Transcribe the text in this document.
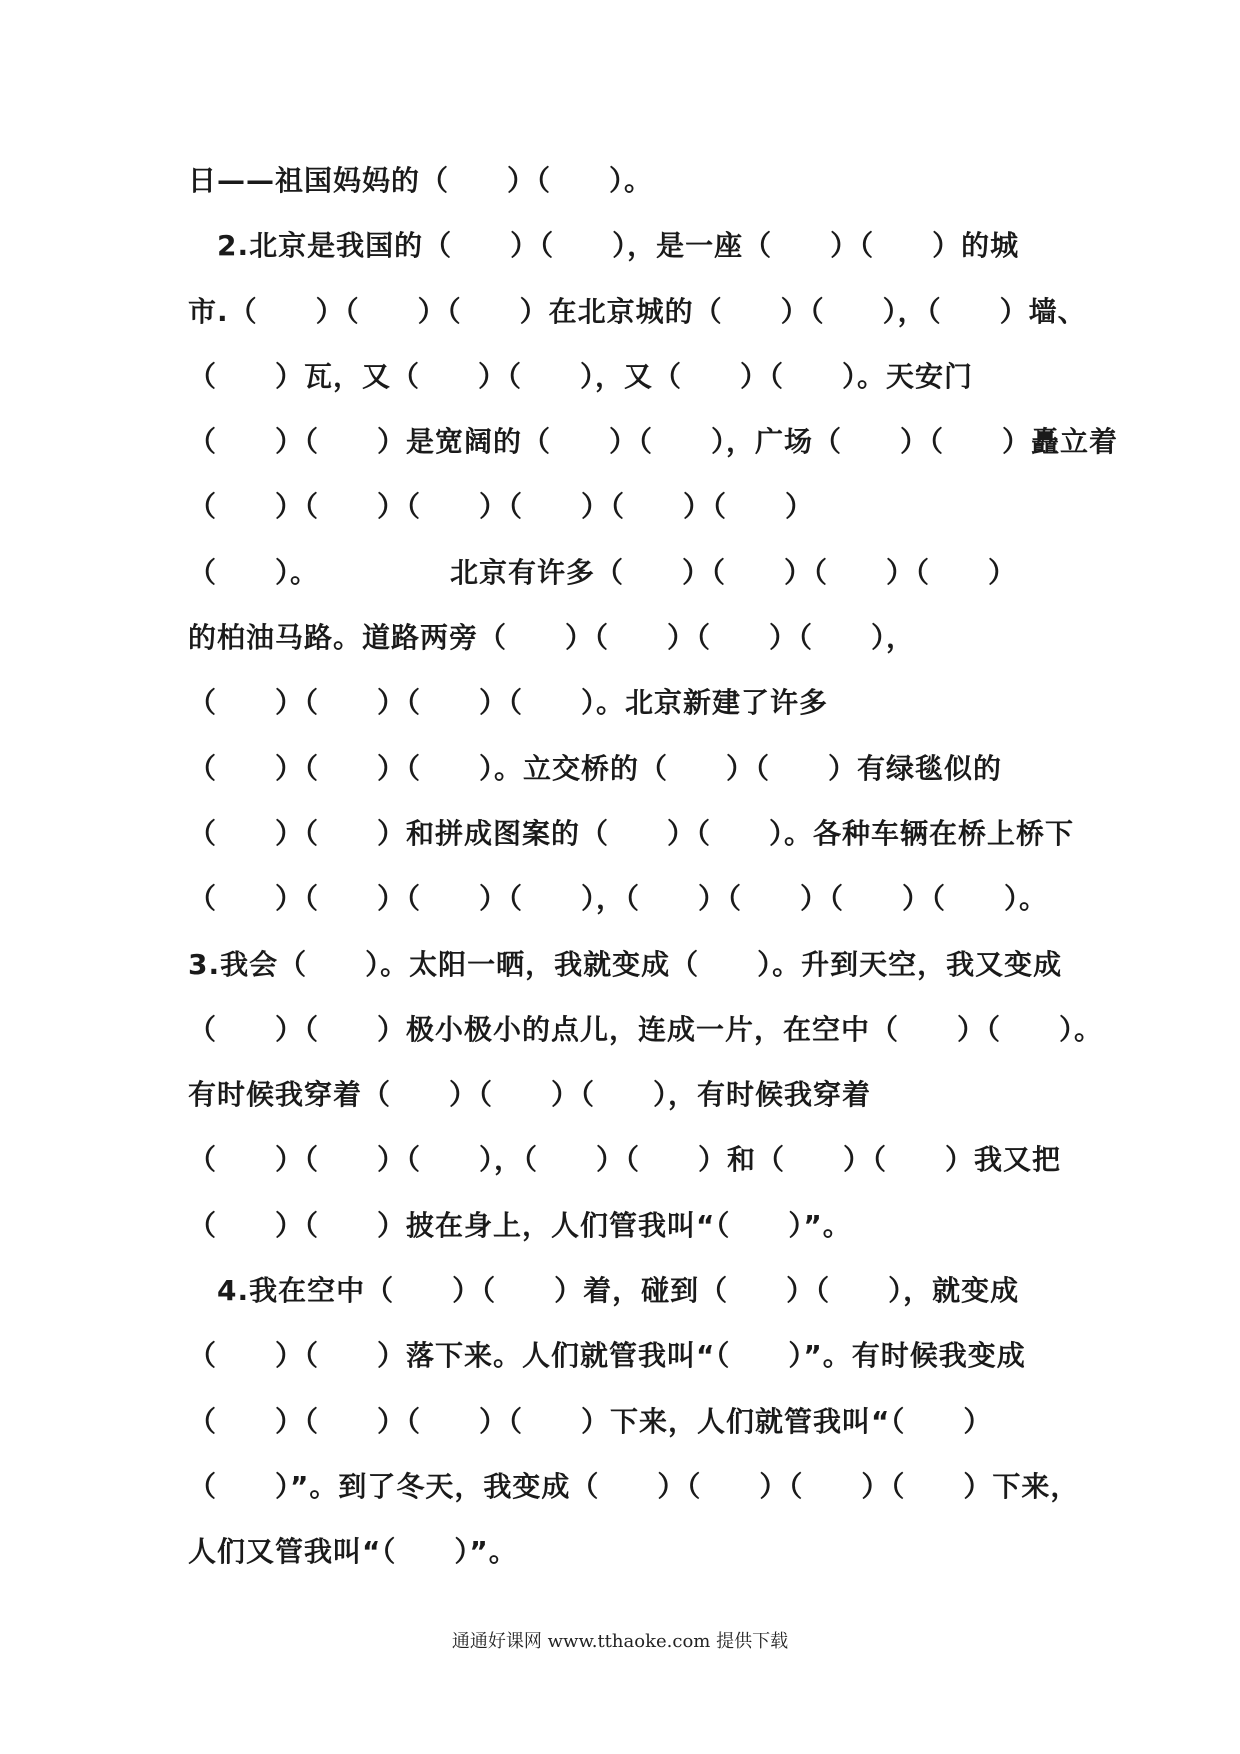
日——祖国妈妈的（　　）（　　）。
　2.北京是我国的（　　）（　　），是一座（　　）（　　）的城
市.（　　）（　　）（　　）在北京城的（　　）（　　），（　　）墙、
（　　）瓦，又（　　）（　　），又（　　）（　　）。天安门
（　　）（　　）是宽阔的（　　）（　　），广场（　　）（　　）矗立着
（　　）（　　）（　　）（　　）（　　）（　　）
（　　）。　　　　　北京有许多（　　）（　　）（　　）（　　）
的柏油马路。道路两旁（　　）（　　）（　　）（　　），
（　　）（　　）（　　）（　　）。北京新建了许多
（　　）（　　）（　　）。立交桥的（　　）（　　）有绿毯似的
（　　）（　　）和拼成图案的（　　）（　　）。各种车辆在桥上桥下
（　　）（　　）（　　）（　　），（　　）（　　）（　　）（　　）。
3.我会（　　）。太阳一晒，我就变成（　　）。升到天空，我又变成
（　　）（　　）极小极小的点儿，连成一片，在空中（　　）（　　）。
有时候我穿着（　　）（　　）（　　），有时候我穿着
（　　）（　　）（　　），（　　）（　　）和（　　）（　　）我又把
（　　）（　　）披在身上，人们管我叫“（　　）”。
　4.我在空中（　　）（　　）着，碰到（　　）（　　），就变成
（　　）（　　）落下来。人们就管我叫“（　　）”。有时候我变成
（　　）（　　）（　　）（　　）下来，人们就管我叫“（　　）
（　　）”。到了冬天，我变成（　　）（　　）（　　）（　　）下来，
人们又管我叫“（　　）”。
通通好课网 www.tthaoke.com 提供下载
